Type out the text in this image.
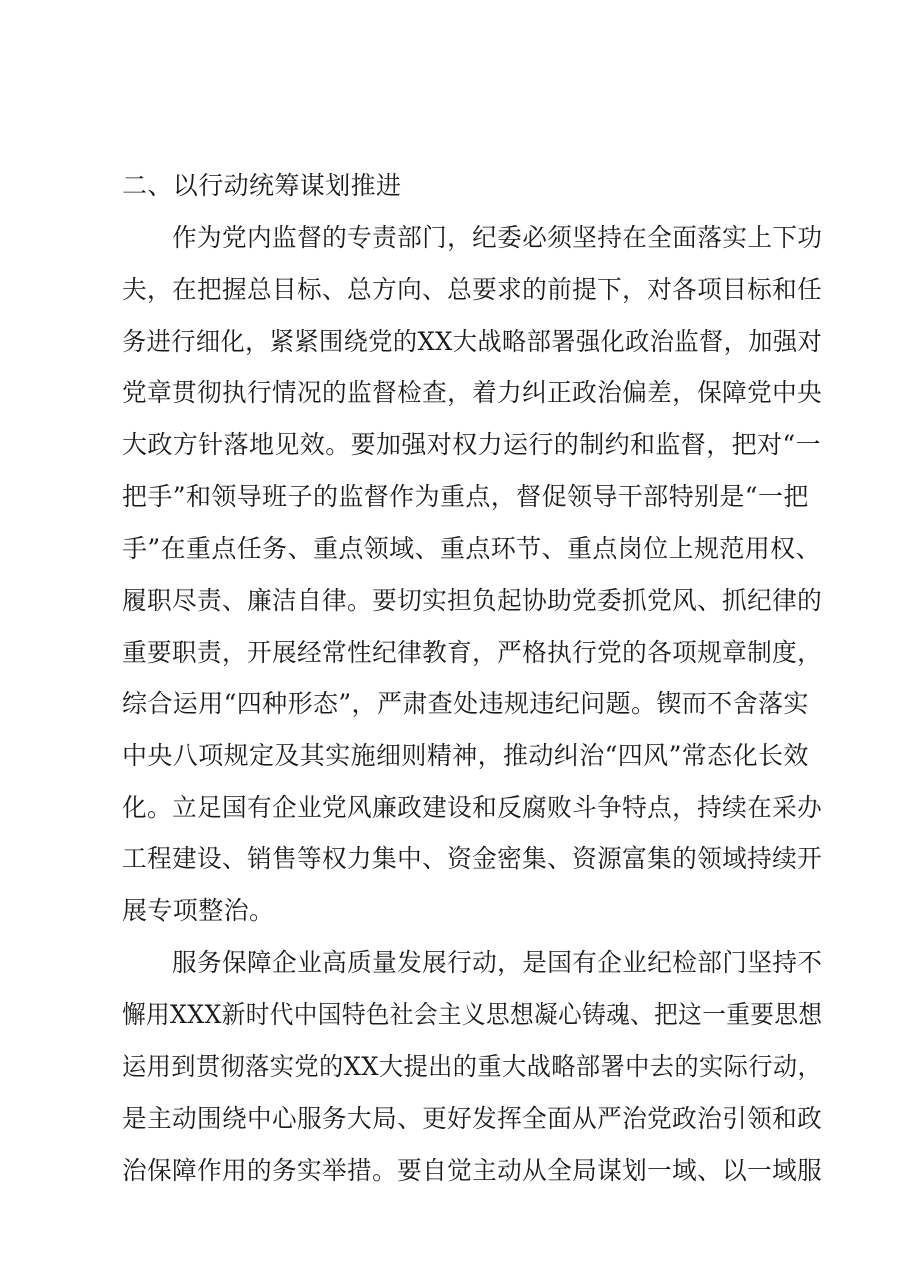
二、以行动统筹谋划推进
作为党内监督的专责部门，纪委必须坚持在全面落实上下功
夫，在把握总目标、总方向、总要求的前提下，对各项目标和任
务进行细化，紧紧围绕党的XX大战略部署强化政治监督，加强对
党章贯彻执行情况的监督检查，着力纠正政治偏差，保障党中央
大政方针落地见效。要加强对权力运行的制约和监督，把对“一
把手”和领导班子的监督作为重点，督促领导干部特别是“一把
手”在重点任务、重点领域、重点环节、重点岗位上规范用权、
履职尽责、廉洁自律。要切实担负起协助党委抓党风、抓纪律的
重要职责，开展经常性纪律教育，严格执行党的各项规章制度，
综合运用“四种形态”，严肃查处违规违纪问题。锲而不舍落实
中央八项规定及其实施细则精神，推动纠治“四风”常态化长效
化。立足国有企业党风廉政建设和反腐败斗争特点，持续在采办
工程建设、销售等权力集中、资金密集、资源富集的领域持续开
展专项整治。
服务保障企业高质量发展行动，是国有企业纪检部门坚持不
懈用XXX新时代中国特色社会主义思想凝心铸魂、把这一重要思想
运用到贯彻落实党的XX大提出的重大战略部署中去的实际行动，
是主动围绕中心服务大局、更好发挥全面从严治党政治引领和政
治保障作用的务实举措。要自觉主动从全局谋划一域、以一域服
